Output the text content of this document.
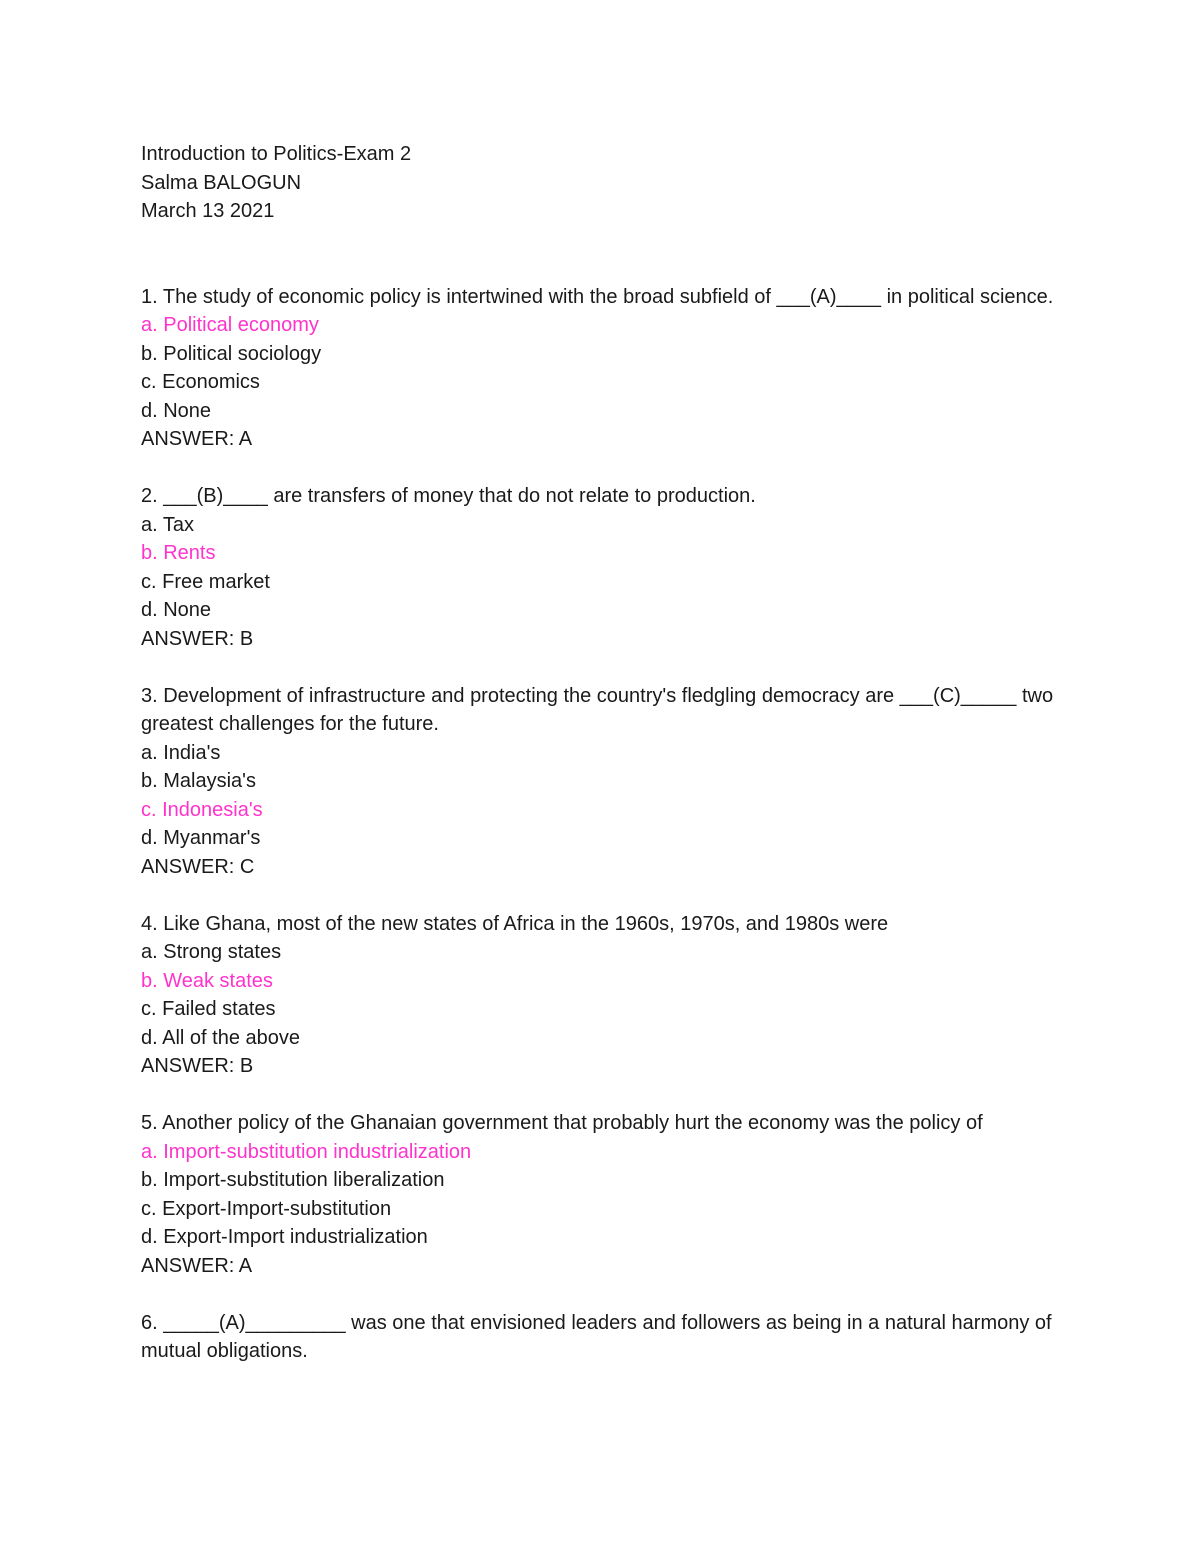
Introduction to Politics-Exam 2
Salma BALOGUN
March 13 2021
1. The study of economic policy is intertwined with the broad subfield of ___(A)____ in political science.
a. Political economy
b. Political sociology
c. Economics
d. None
ANSWER: A
2. ___(B)____ are transfers of money that do not relate to production.
a. Tax
b. Rents
c. Free market
d. None
ANSWER: B
3. Development of infrastructure and protecting the country's fledgling democracy are ___(C)_____ two greatest challenges for the future.
a. India's
b. Malaysia's
c. Indonesia's
d. Myanmar's
ANSWER: C
4. Like Ghana, most of the new states of Africa in the 1960s, 1970s, and 1980s were
a. Strong states
b. Weak states
c. Failed states
d. All of the above
ANSWER: B
5. Another policy of the Ghanaian government that probably hurt the economy was the policy of
a. Import-substitution industrialization
b. Import-substitution liberalization
c. Export-Import-substitution
d. Export-Import industrialization
ANSWER: A
6. _____(A)_________ was one that envisioned leaders and followers as being in a natural harmony of mutual obligations.
